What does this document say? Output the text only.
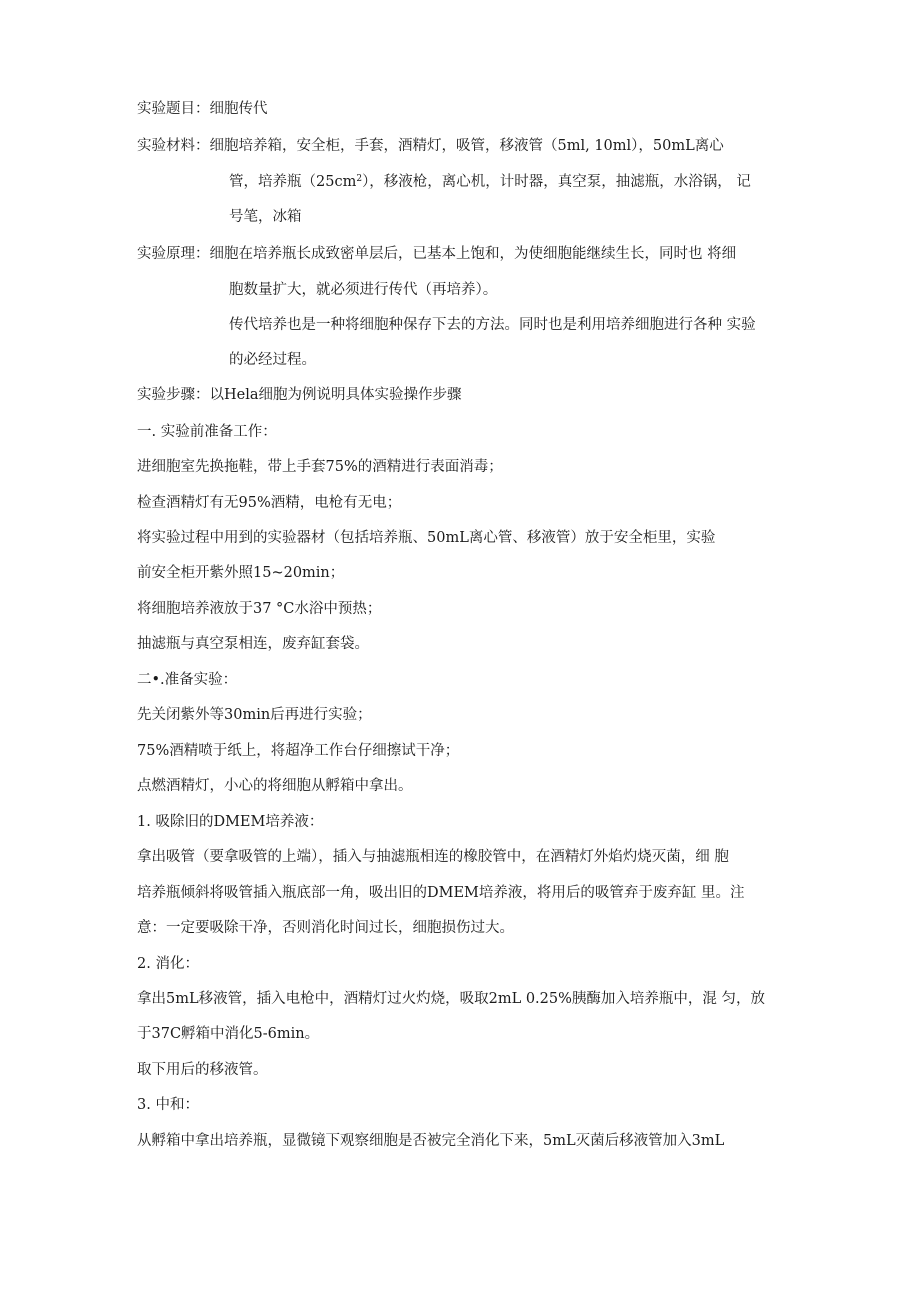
实验题目：细胞传代
实验材料：细胞培养箱，安全柜，手套，酒精灯，吸管，移液管（5ml, 10ml），50mL离心
管，培养瓶$(25cm^2)$，移液枪，离心机，计时器，真空泵，抽滤瓶，水浴锅， 记
号笔，冰箱
实验原理：细胞在培养瓶长成致密单层后，已基本上饱和，为使细胞能继续生长，同时也 将细
胞数量扩大，就必须进行传代（再培养）。
传代培养也是一种将细胞种保存下去的方法。同时也是利用培养细胞进行各种 实验
的必经过程。
实验步骤：以Hela细胞为例说明具体实验操作步骤
一. 实验前准备工作：
进细胞室先换拖鞋，带上手套75%的酒精进行表面消毒；
检查酒精灯有无95%酒精，电枪有无电；
将实验过程中用到的实验器材（包括培养瓶、50mL离心管、移液管）放于安全柜里，实验
前安全柜开紫外照15~20min；
将细胞培养液放于37 °C水浴中预热；
抽滤瓶与真空泵相连，废弃缸套袋。
二•.准备实验：
先关闭紫外等30min后再进行实验；
75%酒精喷于纸上，将超净工作台仔细擦试干净；
点燃酒精灯，小心的将细胞从孵箱中拿出。
1. 吸除旧的DMEM培养液：
拿出吸管（要拿吸管的上端），插入与抽滤瓶相连的橡胶管中，在酒精灯外焰灼烧灭菌，细 胞
培养瓶倾斜将吸管插入瓶底部一角，吸出旧的DMEM培养液，将用后的吸管弃于废弃缸 里。注
意：一定要吸除干净，否则消化时间过长，细胞损伤过大。
2. 消化：
拿出5mL移液管，插入电枪中，酒精灯过火灼烧，吸取2mL 0.25%胰酶加入培养瓶中，混 匀，放
于37C孵箱中消化5-6min。
取下用后的移液管。
3. 中和：
从孵箱中拿出培养瓶，显微镜下观察细胞是否被完全消化下来，5mL灭菌后移液管加入3mL
